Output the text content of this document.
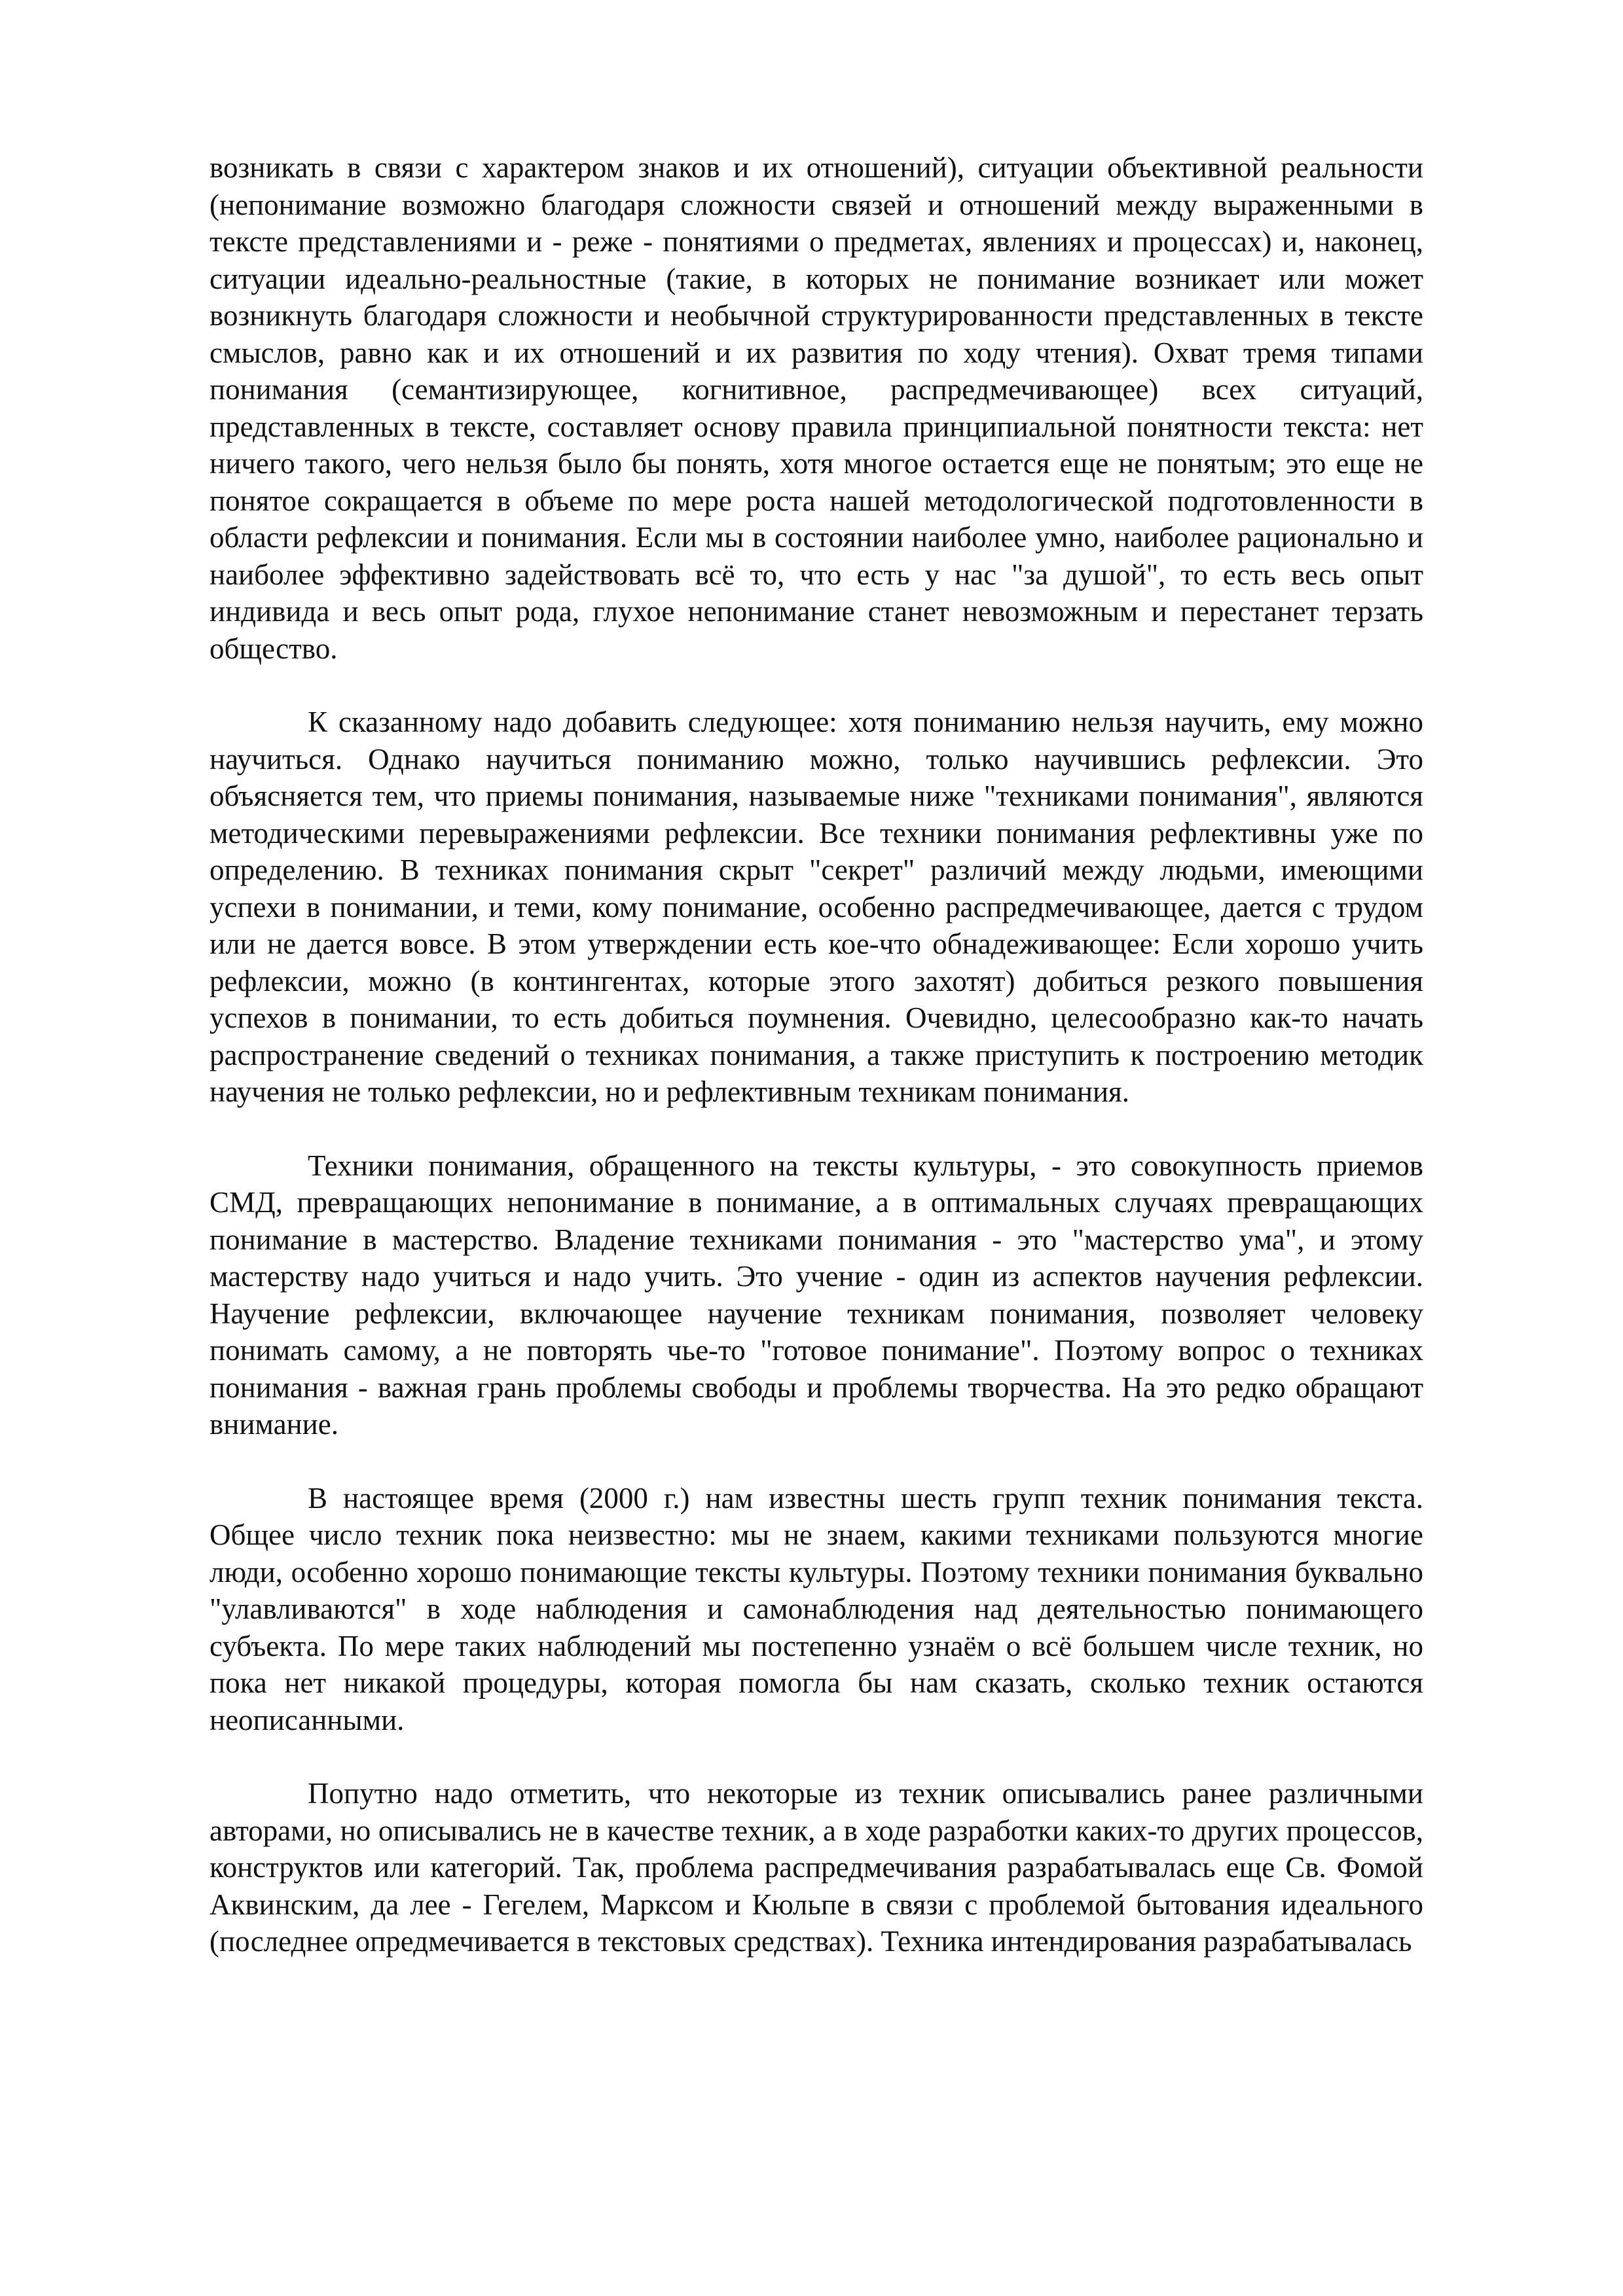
возникать в связи с характером знаков и их отношений), ситуации объективной реальности (непонимание возможно благодаря сложности связей и отношений между выраженными в тексте представлениями и - реже - понятиями о предметах, явлениях и процессах) и, наконец, ситуации идеально-реальностные (такие, в которых не понимание возникает или может возникнуть благодаря сложности и необычной структурированности представленных в тексте смыслов, равно как и их отношений и их развития по ходу чтения). Охват тремя типами понимания (семантизирующее, когнитивное, распредмечивающее) всех ситуаций, представленных в тексте, составляет основу правила принципиальной понятности текста: нет ничего такого, чего нельзя было бы понять, хотя многое остается еще не понятым; это еще не понятое сокращается в объеме по мере роста нашей методологической подготовленности в области рефлексии и понимания. Если мы в состоянии наиболее умно, наиболее рационально и наиболее эффективно задействовать всё то, что есть у нас "за душой", то есть весь опыт индивида и весь опыт рода, глухое непонимание станет невозможным и перестанет терзать общество.

К сказанному надо добавить следующее: хотя пониманию нельзя научить, ему можно научиться. Однако научиться пониманию можно, только научившись рефлексии. Это объясняется тем, что приемы понимания, называемые ниже "техниками понимания", являются методическими перевыражениями рефлексии. Все техники понимания рефлективны уже по определению. В техниках понимания скрыт "секрет" различий между людьми, имеющими успехи в понимании, и теми, кому понимание, особенно распредмечивающее, дается с трудом или не дается вовсе. В этом утверждении есть кое-что обнадеживающее: Если хорошо учить рефлексии, можно (в контингентах, которые этого захотят) добиться резкого повышения успехов в понимании, то есть добиться поумнения. Очевидно, целесообразно как-то начать распространение сведений о техниках понимания, а также приступить к построению методик научения не только рефлексии, но и рефлективным техникам понимания.

Техники понимания, обращенного на тексты культуры, - это совокупность приемов СМД, превращающих непонимание в понимание, а в оптимальных случаях превращающих понимание в мастерство. Владение техниками понимания - это "мастерство ума", и этому мастерству надо учиться и надо учить. Это учение - один из аспектов научения рефлексии. Научение рефлексии, включающее научение техникам понимания, позволяет человеку понимать самому, а не повторять чье-то "готовое понимание". Поэтому вопрос о техниках понимания - важная грань проблемы свободы и проблемы творчества. На это редко обращают внимание.

В настоящее время (2000 г.) нам известны шесть групп техник понимания текста. Общее число техник пока неизвестно: мы не знаем, какими техниками пользуются многие люди, особенно хорошо понимающие тексты культуры. Поэтому техники понимания буквально "улавливаются" в ходе наблюдения и самонаблюдения над деятельностью понимающего субъекта. По мере таких наблюдений мы постепенно узнаём о всё большем числе техник, но пока нет никакой процедуры, которая помогла бы нам сказать, сколько техник остаются неописанными.

Попутно надо отметить, что некоторые из техник описывались ранее различными авторами, но описывались не в качестве техник, а в ходе разработки каких-то других процессов, конструктов или категорий. Так, проблема распредмечивания разрабатывалась еще Св. Фомой Аквинским, да лее - Гегелем, Марксом и Кюльпе в связи с проблемой бытования идеального (последнее опредмечивается в текстовых средствах). Техника интендирования разрабатывалась
